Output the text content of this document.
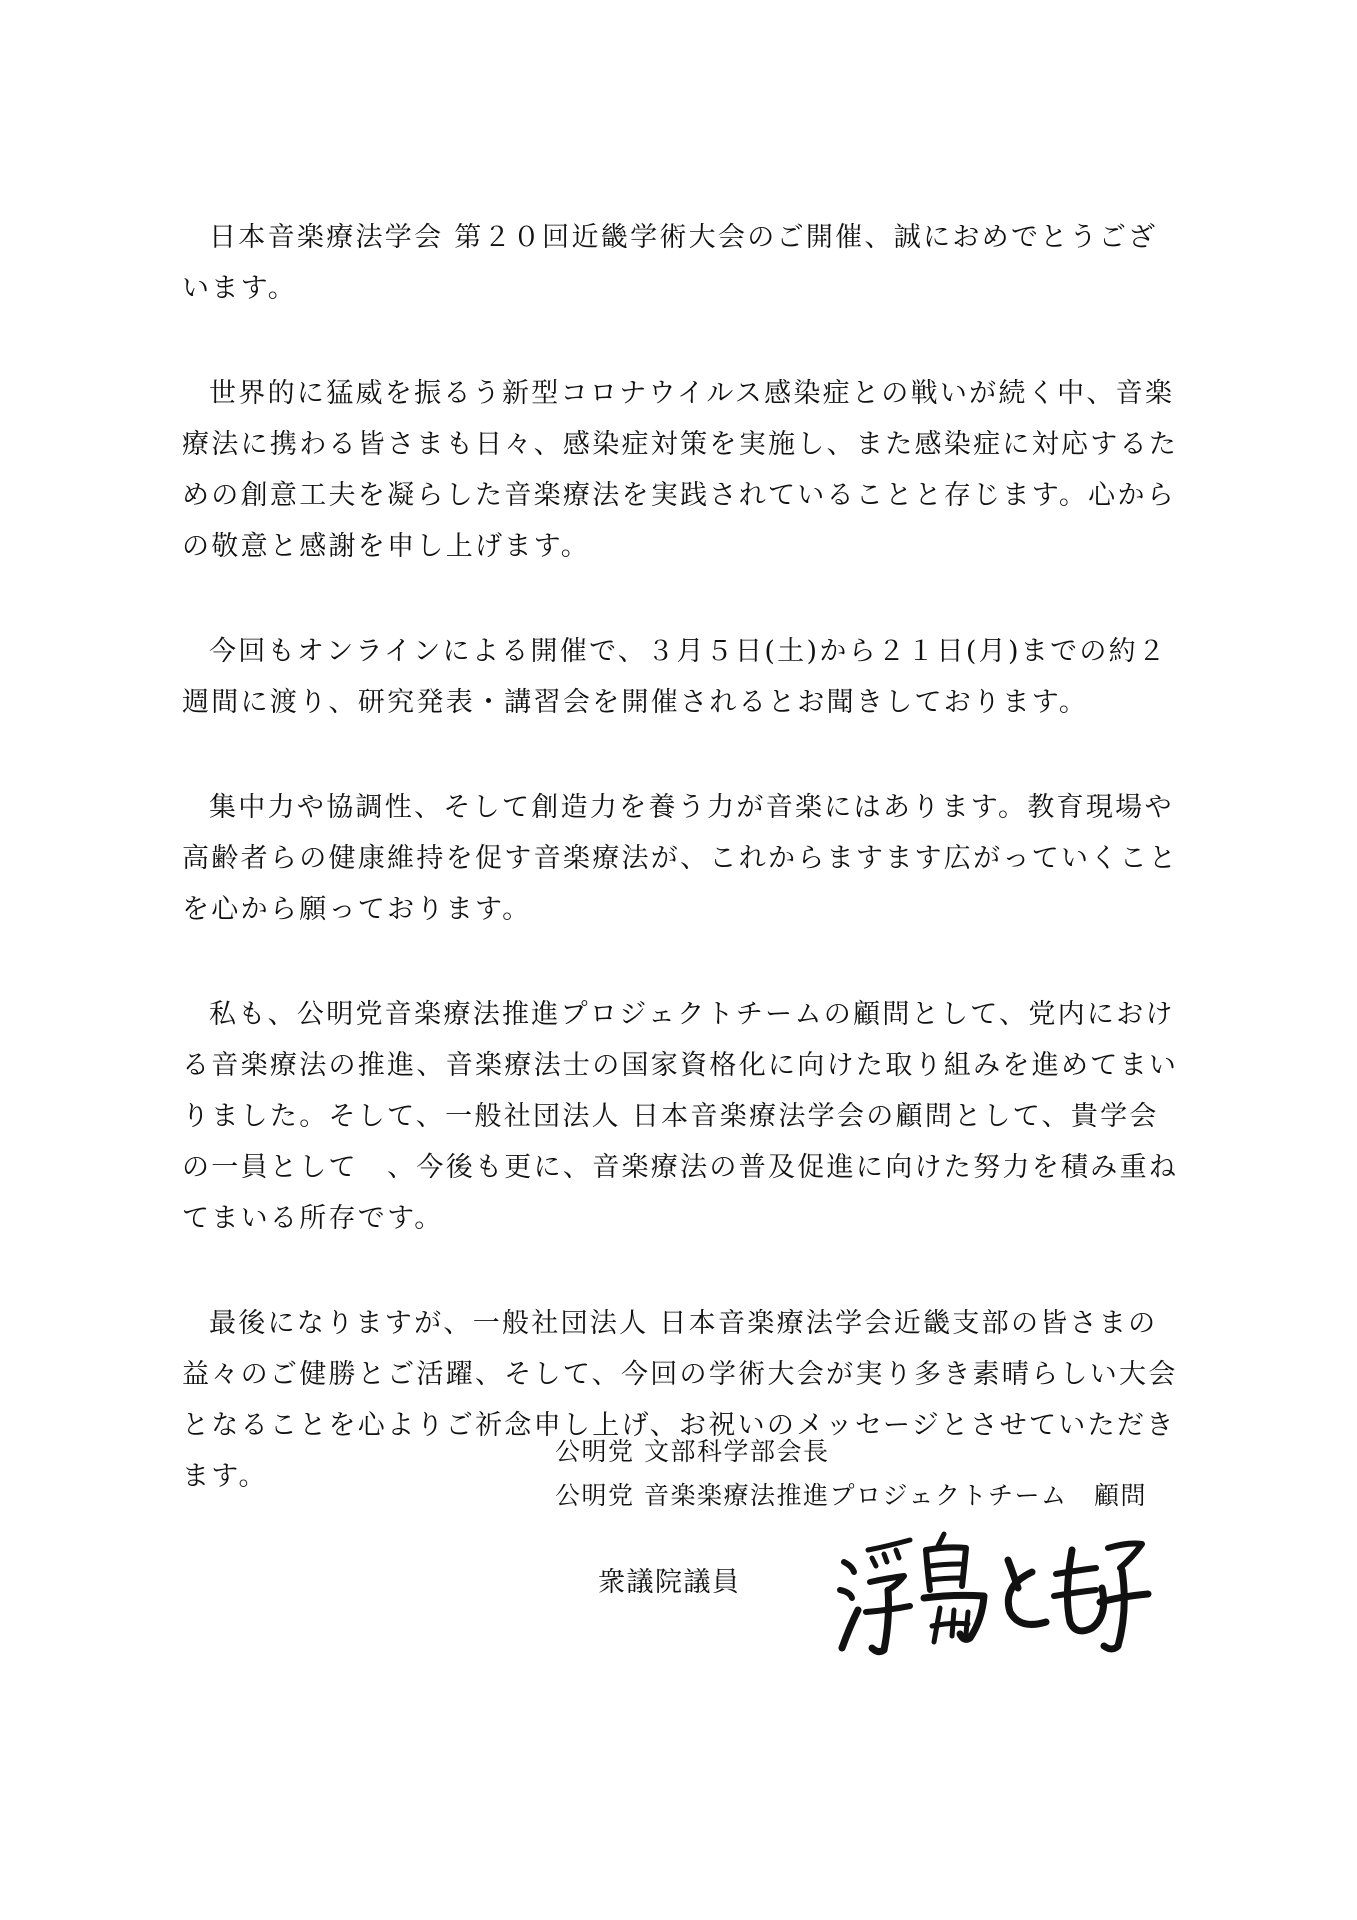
日本音楽療法学会 第２０回近畿学術大会のご開催、誠におめでとうござ
います。

世界的に猛威を振るう新型コロナウイルス感染症との戦いが続く中、音楽
療法に携わる皆さまも日々、感染症対策を実施し、また感染症に対応するた
めの創意工夫を凝らした音楽療法を実践されていることと存じます。心から
の敬意と感謝を申し上げます。

今回もオンラインによる開催で、３月５日(土)から２１日(月)までの約２
週間に渡り、研究発表・講習会を開催されるとお聞きしております。

集中力や協調性、そして創造力を養う力が音楽にはあります。教育現場や
高齢者らの健康維持を促す音楽療法が、これからますます広がっていくこと
を心から願っております。

私も、公明党音楽療法推進プロジェクトチームの顧問として、党内におけ
る音楽療法の推進、音楽療法士の国家資格化に向けた取り組みを進めてまい
りました。そして、一般社団法人 日本音楽療法学会の顧問として、貴学会
の一員として　、今後も更に、音楽療法の普及促進に向けた努力を積み重ね
てまいる所存です。

最後になりますが、一般社団法人 日本音楽療法学会近畿支部の皆さまの
益々のご健勝とご活躍、そして、今回の学術大会が実り多き素晴らしい大会
となることを心よりご祈念申し上げ、お祝いのメッセージとさせていただき
ます。

公明党 文部科学部会長
公明党 音楽楽療法推進プロジェクトチーム　顧問
衆議院議員
